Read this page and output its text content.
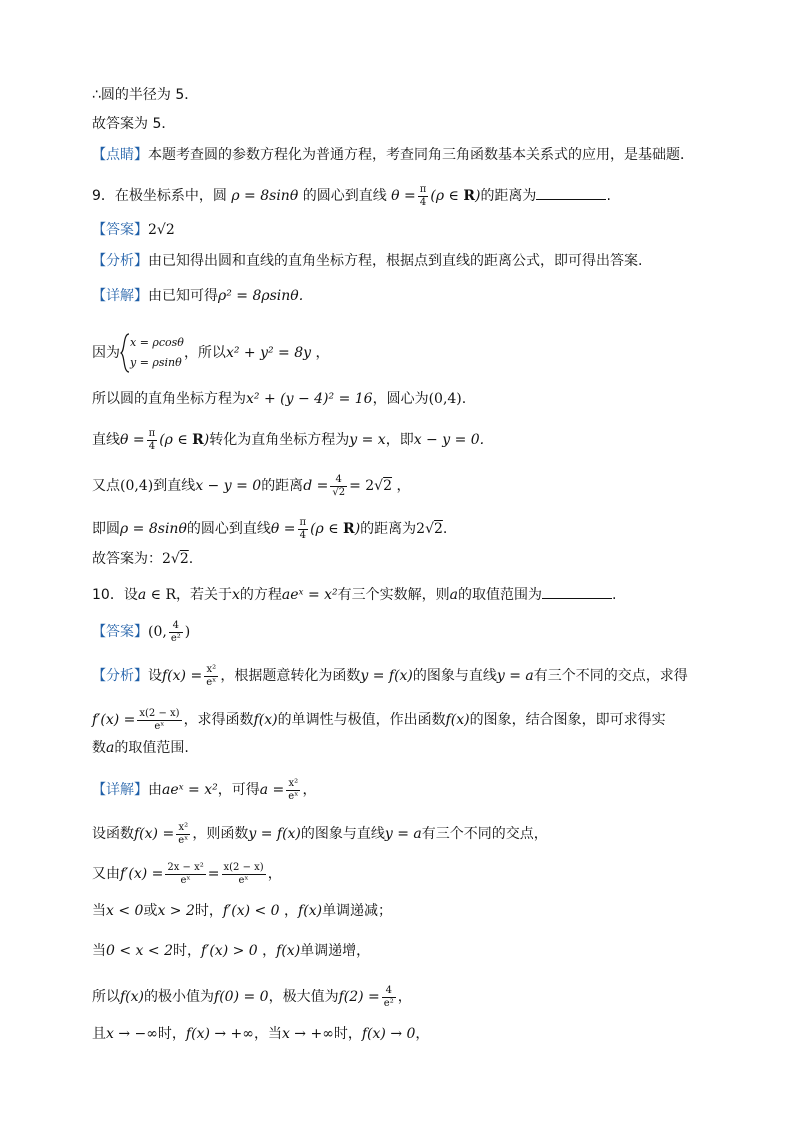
∴圆的半径为 5．
故答案为 5．
【点睛】本题考查圆的参数方程化为普通方程，考查同角三角函数基本关系式的应用，是基础题．
9．在极坐标系中，圆 ρ = 8sinθ 的圆心到直线 $\theta = \frac{\pi}{4} (\rho$ ∈ R)的距离为	.
【答案】2√2
【分析】由已知得出圆和直线的直角坐标方程，根据点到直线的距离公式，即可得出答案.
【详解】由已知可得ρ² = 8ρsinθ.
因为x = ρcosθ
y = ρsinθ，所以x² + y² = 8y ，
所以圆的直角坐标方程为x² + (y − 4)² = 16，圆心为(0,4).
直线$\theta = \frac{\pi}{4} (\rho$ ∈ R)转化为直角坐标方程为y = x，即x − y = 0.
又点(0,4)到直线x − y = 0的距离$d = \frac{4}{√2} = 2√2$ ，
即圆ρ = 8sinθ的圆心到直线$\theta = \frac{\pi}{4} (\rho$ ∈ R)的距离为2√2.
故答案为：2√2.
10．设a ∈ R，若关于x的方程aeˣ = x²有三个实数解，则a的取值范围为	.
【答案】(0, $\frac{4}{\text{e²}}$ )
【分析】设$f(x) = \frac{\text{x²}}{\text{eˣ}}$ ，根据题意转化为函数y = f(x)的图象与直线y = a有三个不同的交点，求得
$f'(x) = \frac{x(2 - x)}{\text{eˣ}}$ ，求得函数f(x)的单调性与极值，作出函数f(x)的图象，结合图象，即可求得实
数a的取值范围.
【详解】由aeˣ = x²，可得$a = \frac{\text{x²}}{\text{eˣ}}$ ，
设函数$f(x) = \frac{\text{x²}}{\text{eˣ}}$ ，则函数y = f(x)的图象与直线y = a有三个不同的交点，
又由$f'(x) = \frac{\text{2x − x²}}{\text{eˣ}} = \frac{x(2 - x)}{\text{eˣ}}$ ，
当x < 0或x > 2时，f′(x) < 0 ，f(x)单调递减；
当0 < x < 2时，f′(x) > 0 ，f(x)单调递增，
所以f(x)的极小值为f(0) = 0，极大值为$f(2) = \frac{4}{\text{e²}}$ ，
且x → −∞时，f(x) → +∞，当x → +∞时，f(x) → 0，
